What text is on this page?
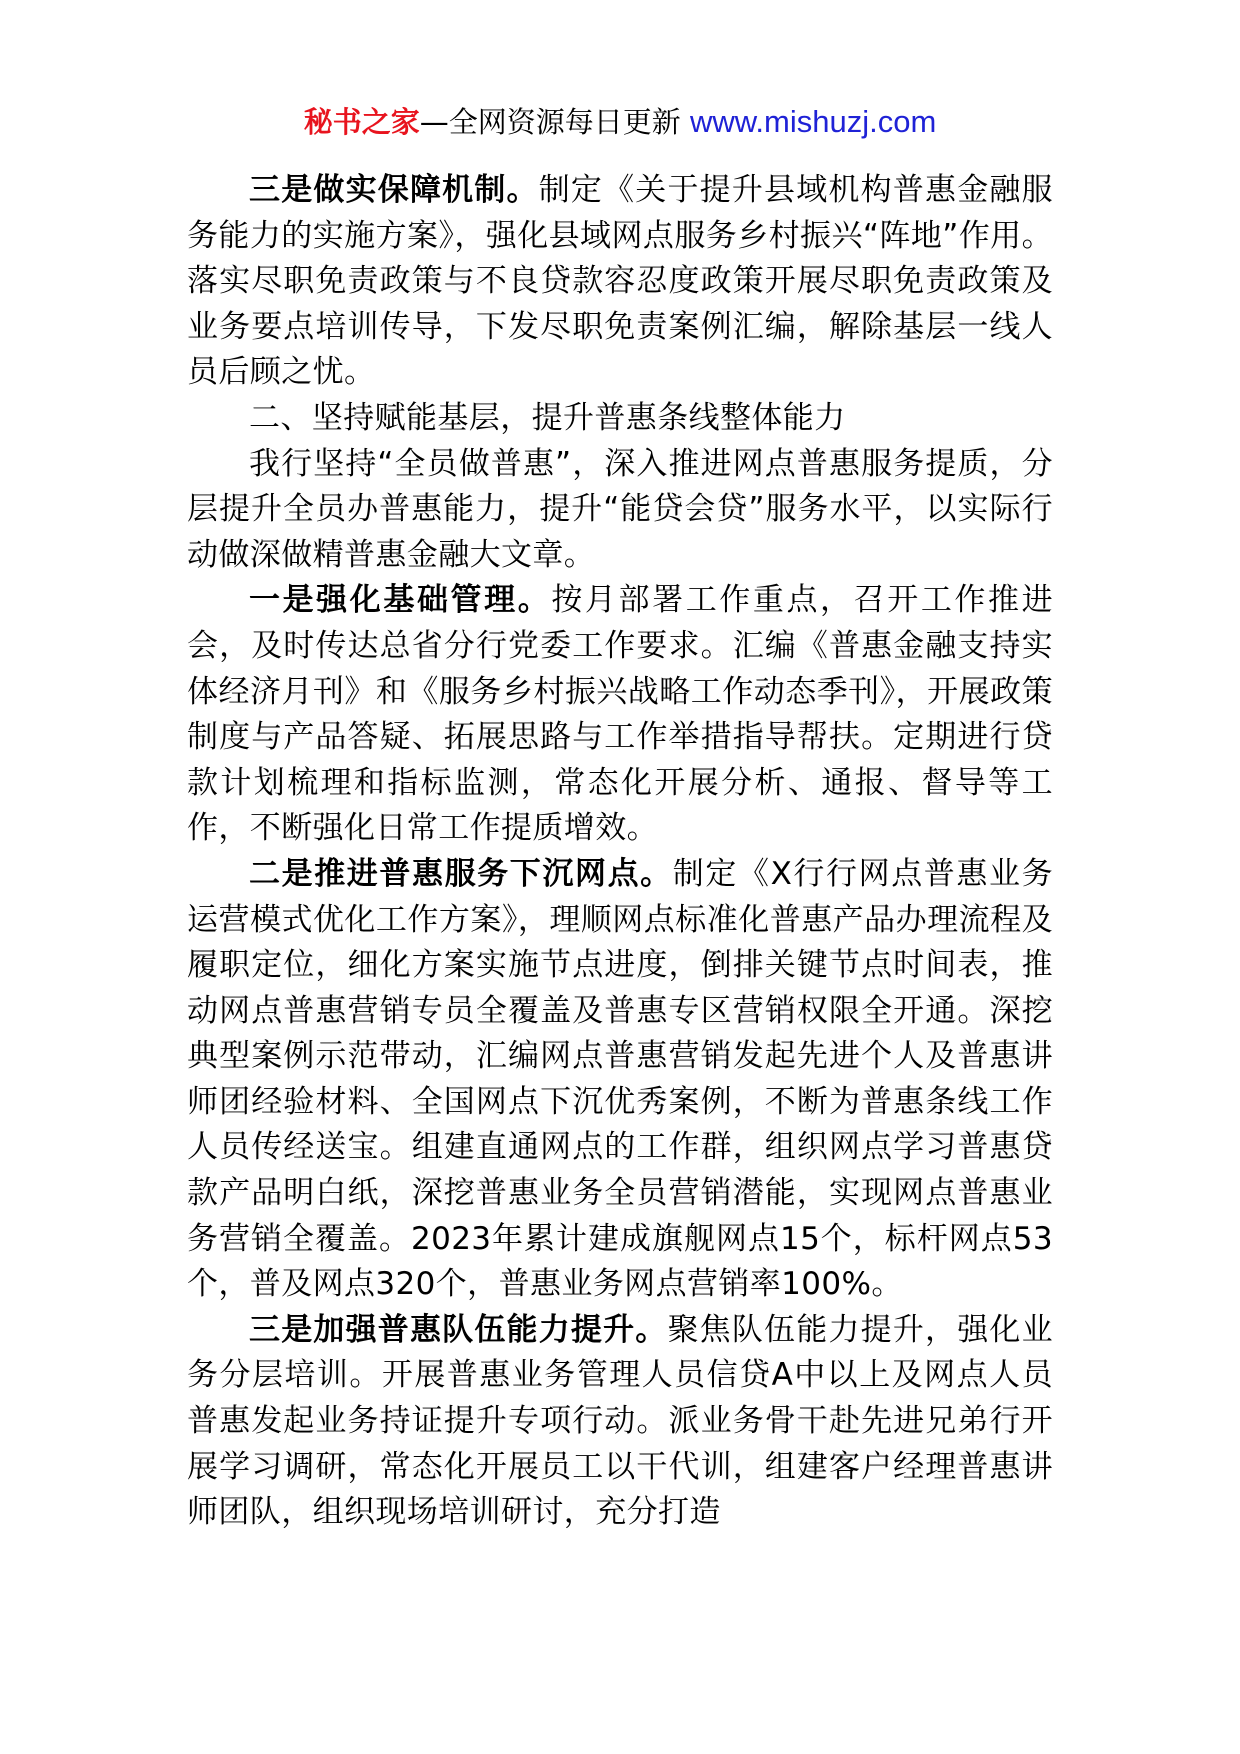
秘书之家—全网资源每日更新 www.mishuzj.com

三是做实保障机制。制定《关于提升县域机构普惠金融服务能力的实施方案》，强化县域网点服务乡村振兴“阵地”作用。落实尽职免责政策与不良贷款容忍度政策开展尽职免责政策及业务要点培训传导，下发尽职免责案例汇编，解除基层一线人员后顾之忧。

二、坚持赋能基层，提升普惠条线整体能力

我行坚持“全员做普惠”，深入推进网点普惠服务提质，分层提升全员办普惠能力，提升“能贷会贷”服务水平，以实际行动做深做精普惠金融大文章。

一是强化基础管理。按月部署工作重点，召开工作推进会，及时传达总省分行党委工作要求。汇编《普惠金融支持实体经济月刊》和《服务乡村振兴战略工作动态季刊》，开展政策制度与产品答疑、拓展思路与工作举措指导帮扶。定期进行贷款计划梳理和指标监测，常态化开展分析、通报、督导等工作，不断强化日常工作提质增效。

二是推进普惠服务下沉网点。制定《X行行网点普惠业务运营模式优化工作方案》，理顺网点标准化普惠产品办理流程及履职定位，细化方案实施节点进度，倒排关键节点时间表，推动网点普惠营销专员全覆盖及普惠专区营销权限全开通。深挖典型案例示范带动，汇编网点普惠营销发起先进个人及普惠讲师团经验材料、全国网点下沉优秀案例，不断为普惠条线工作人员传经送宝。组建直通网点的工作群，组织网点学习普惠贷款产品明白纸，深挖普惠业务全员营销潜能，实现网点普惠业务营销全覆盖。2023年累计建成旗舰网点15个，标杆网点53个，普及网点320个，普惠业务网点营销率100%。

三是加强普惠队伍能力提升。聚焦队伍能力提升，强化业务分层培训。开展普惠业务管理人员信贷A中以上及网点人员普惠发起业务持证提升专项行动。派业务骨干赴先进兄弟行开展学习调研，常态化开展员工以干代训，组建客户经理普惠讲师团队，组织现场培训研讨，充分打造
